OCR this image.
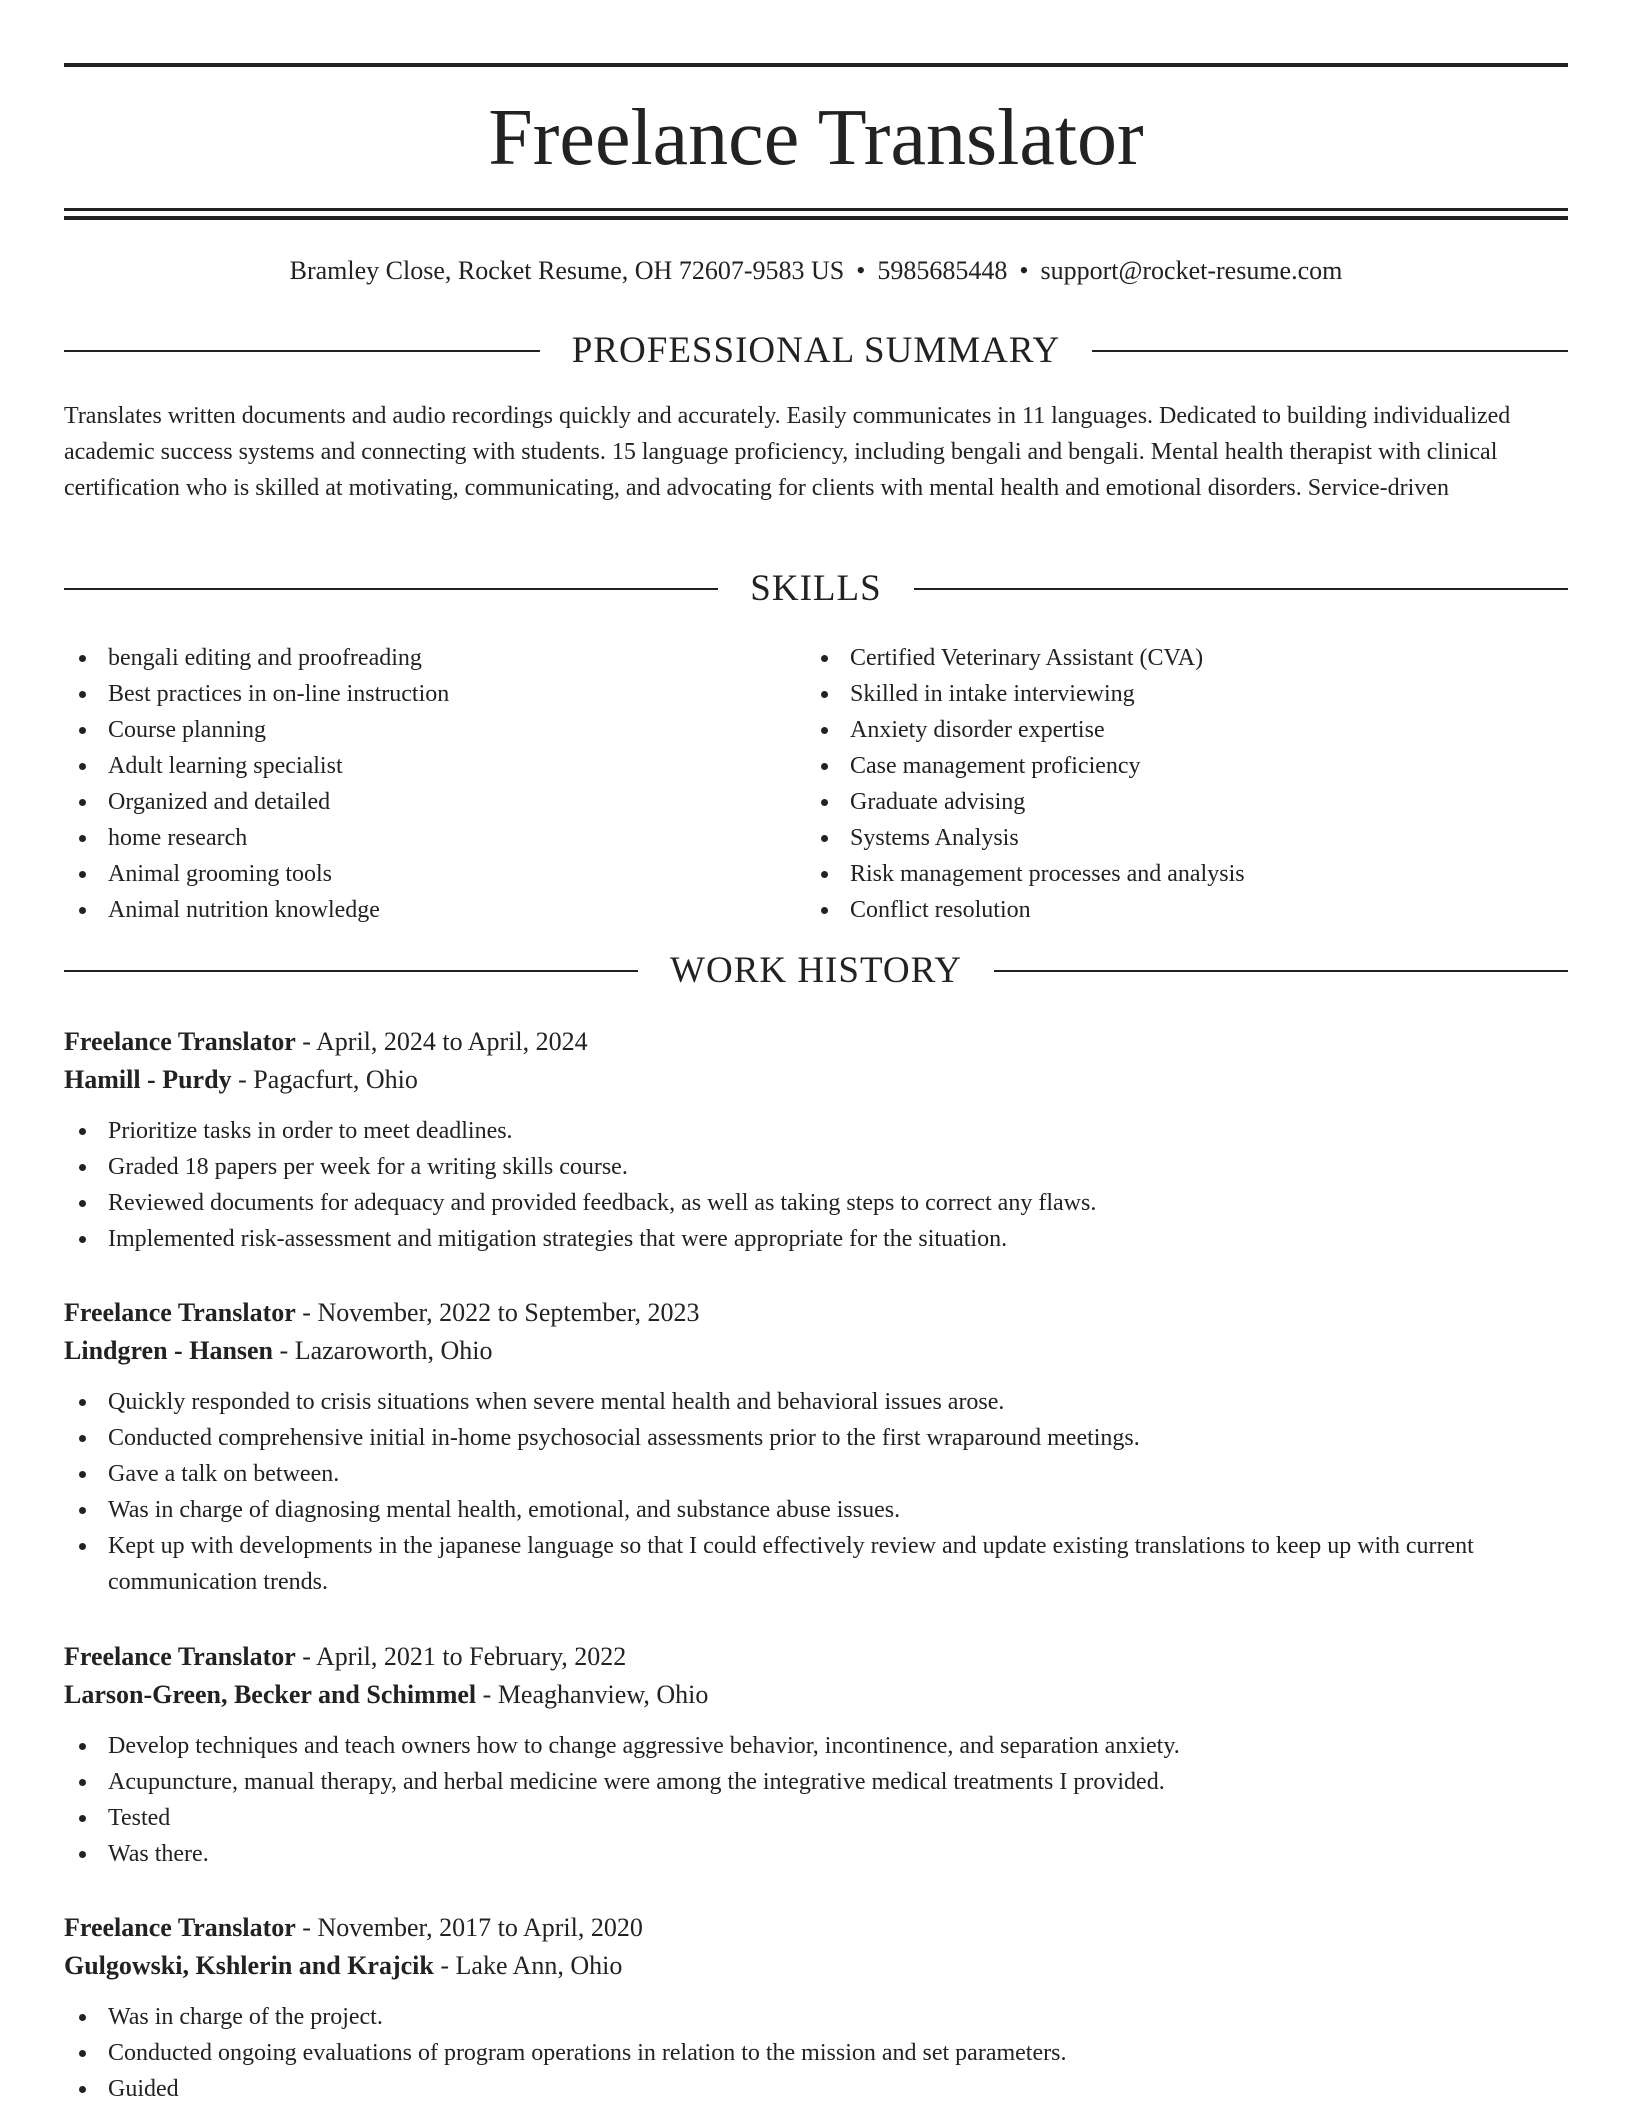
Freelance Translator
Bramley Close, Rocket Resume, OH 72607-9583 US • 5985685448 • support@rocket-resume.com
PROFESSIONAL SUMMARY

Translates written documents and audio recordings quickly and accurately. Easily communicates in 11 languages. Dedicated to building individualized academic success systems and connecting with students. 15 language proficiency, including bengali and bengali. Mental health therapist with clinical certification who is skilled at motivating, communicating, and advocating for clients with mental health and emotional disorders. Service-driven

SKILLS
bengali editing and proofreading
Best practices in on-line instruction
Course planning
Adult learning specialist
Organized and detailed
home research
Animal grooming tools
Animal nutrition knowledge
Certified Veterinary Assistant (CVA)
Skilled in intake interviewing
Anxiety disorder expertise
Case management proficiency
Graduate advising
Systems Analysis
Risk management processes and analysis
Conflict resolution
WORK HISTORY
Freelance Translator - April, 2024 to April, 2024
Hamill - Purdy - Pagacfurt, Ohio
Prioritize tasks in order to meet deadlines.
Graded 18 papers per week for a writing skills course.
Reviewed documents for adequacy and provided feedback, as well as taking steps to correct any flaws.
Implemented risk-assessment and mitigation strategies that were appropriate for the situation.
Freelance Translator - November, 2022 to September, 2023
Lindgren - Hansen - Lazaroworth, Ohio
Quickly responded to crisis situations when severe mental health and behavioral issues arose.
Conducted comprehensive initial in-home psychosocial assessments prior to the first wraparound meetings.
Gave a talk on between.
Was in charge of diagnosing mental health, emotional, and substance abuse issues.
Kept up with developments in the japanese language so that I could effectively review and update existing translations to keep up with current communication trends.
Freelance Translator - April, 2021 to February, 2022
Larson-Green, Becker and Schimmel - Meaghanview, Ohio
Develop techniques and teach owners how to change aggressive behavior, incontinence, and separation anxiety.
Acupuncture, manual therapy, and herbal medicine were among the integrative medical treatments I provided.
Tested
Was there.
Freelance Translator - November, 2017 to April, 2020
Gulgowski, Kshlerin and Krajcik - Lake Ann, Ohio
Was in charge of the project.
Conducted ongoing evaluations of program operations in relation to the mission and set parameters.
Guided
